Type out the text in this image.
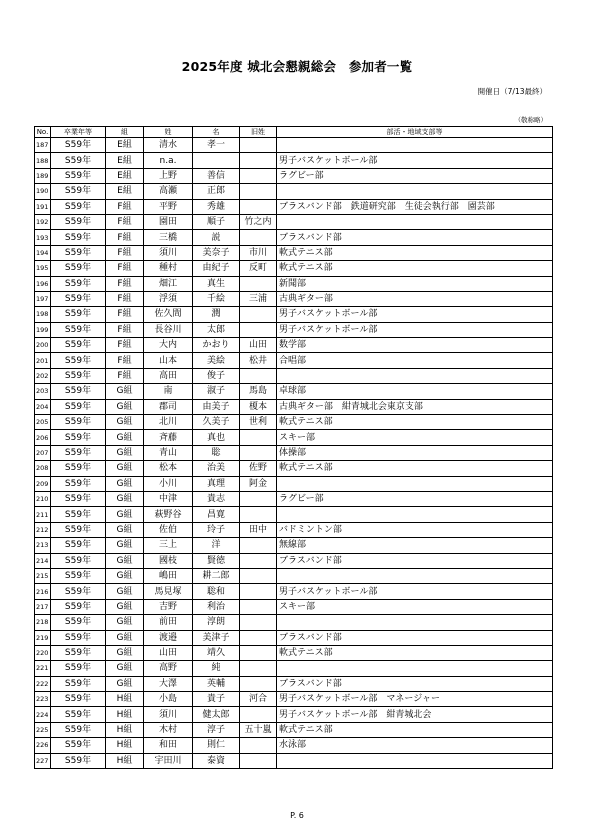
2025年度 城北会懇親総会　参加者一覧
開催日（7/13最終）
（敬称略）
No.	卒業年等	組	姓	名	旧姓	部活・地域支部等
187	S59年	E組	清水	孝一		
188	S59年	E組	n.a.			男子バスケットボール部
189	S59年	E組	上野	善信		ラグビー部
190	S59年	E組	高瀬	正郎		
191	S59年	F組	平野	秀雄		ブラスバンド部　鉄道研究部　生徒会執行部　園芸部
192	S59年	F組	園田	順子	竹之内	
193	S59年	F組	三橋	説		ブラスバンド部
194	S59年	F組	須川	美奈子	市川	軟式テニス部
195	S59年	F組	種村	由紀子	反町	軟式テニス部
196	S59年	F組	畑江	真生		新聞部
197	S59年	F組	浮須	千絵	三浦	古典ギター部
198	S59年	F組	佐久間	潤		男子バスケットボール部
199	S59年	F組	長谷川	太郎		男子バスケットボール部
200	S59年	F組	大内	かおり	山田	数学部
201	S59年	F組	山本	美絵	松井	合唱部
202	S59年	F組	高田	俊子		
203	S59年	G組	南	淑子	馬島	卓球部
204	S59年	G組	郡司	由美子	榎本	古典ギター部　紺青城北会東京支部
205	S59年	G組	北川	久美子	世利	軟式テニス部
206	S59年	G組	斉藤	真也		スキー部
207	S59年	G組	青山	聡		体操部
208	S59年	G組	松本	治美	佐野	軟式テニス部
209	S59年	G組	小川	真理	阿金	
210	S59年	G組	中津	貴志		ラグビー部
211	S59年	G組	萩野谷	昌寛		
212	S59年	G組	佐伯	玲子	田中	バドミントン部
213	S59年	G組	三上	洋		無線部
214	S59年	G組	國枝	賢徳		ブラスバンド部
215	S59年	G組	嶋田	耕二郎		
216	S59年	G組	馬見塚	聡和		男子バスケットボール部
217	S59年	G組	吉野	利治		スキー部
218	S59年	G組	前田	淳朗		
219	S59年	G組	渡邉	美津子		ブラスバンド部
220	S59年	G組	山田	靖久		軟式テニス部
221	S59年	G組	高野	純		
222	S59年	G組	大澤	英輔		ブラスバンド部
223	S59年	H組	小島	貴子	河合	男子バスケットボール部　マネージャー
224	S59年	H組	須川	健太郎		男子バスケットボール部　紺青城北会
225	S59年	H組	木村	淳子	五十嵐	軟式テニス部
226	S59年	H組	和田	則仁		水泳部
227	S59年	H組	宇田川	泰資		
P. 6
